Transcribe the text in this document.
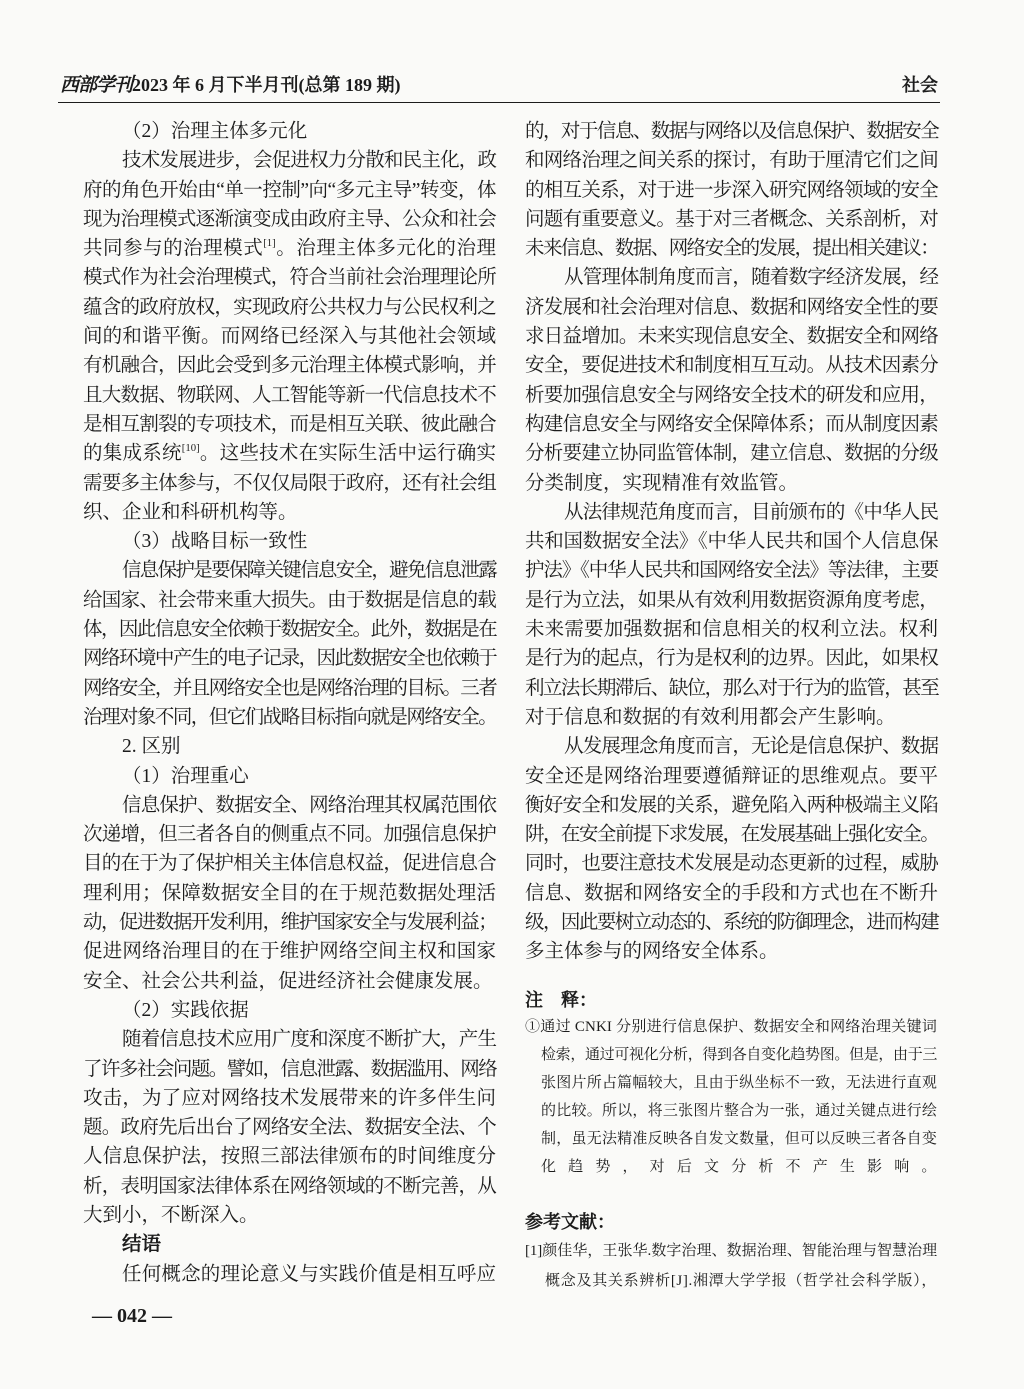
西部学刊2023 年 6 月下半月刊(总第 189 期)	社会
（2）治理主体多元化
技术发展进步，会促进权力分散和民主化，政
府的角色开始由“单一控制”向“多元主导”转变，体
现为治理模式逐渐演变成由政府主导、公众和社会
共同参与的治理模式[1]。治理主体多元化的治理
模式作为社会治理模式，符合当前社会治理理论所
蕴含的政府放权，实现政府公共权力与公民权利之
间的和谐平衡。而网络已经深入与其他社会领域
有机融合，因此会受到多元治理主体模式影响，并
且大数据、物联网、人工智能等新一代信息技术不
是相互割裂的专项技术，而是相互关联、彼此融合
的集成系统[10]。这些技术在实际生活中运行确实
需要多主体参与，不仅仅局限于政府，还有社会组
织、企业和科研机构等。
（3）战略目标一致性
信息保护是要保障关键信息安全，避免信息泄露
给国家、社会带来重大损失。由于数据是信息的载
体，因此信息安全依赖于数据安全。此外，数据是在
网络环境中产生的电子记录，因此数据安全也依赖于
网络安全，并且网络安全也是网络治理的目标。三者
治理对象不同，但它们战略目标指向就是网络安全。
2. 区别
（1）治理重心
信息保护、数据安全、网络治理其权属范围依
次递增，但三者各自的侧重点不同。加强信息保护
目的在于为了保护相关主体信息权益，促进信息合
理利用；保障数据安全目的在于规范数据处理活
动，促进数据开发利用，维护国家安全与发展利益；
促进网络治理目的在于维护网络空间主权和国家
安全、社会公共利益，促进经济社会健康发展。
（2）实践依据
随着信息技术应用广度和深度不断扩大，产生
了许多社会问题。譬如，信息泄露、数据滥用、网络
攻击，为了应对网络技术发展带来的许多伴生问
题。政府先后出台了网络安全法、数据安全法、个
人信息保护法，按照三部法律颁布的时间维度分
析，表明国家法律体系在网络领域的不断完善，从
大到小，不断深入。
结语
任何概念的理论意义与实践价值是相互呼应
的，对于信息、数据与网络以及信息保护、数据安全
和网络治理之间关系的探讨，有助于厘清它们之间
的相互关系，对于进一步深入研究网络领域的安全
问题有重要意义。基于对三者概念、关系剖析，对
未来信息、数据、网络安全的发展，提出相关建议：
从管理体制角度而言，随着数字经济发展，经
济发展和社会治理对信息、数据和网络安全性的要
求日益增加。未来实现信息安全、数据安全和网络
安全，要促进技术和制度相互互动。从技术因素分
析要加强信息安全与网络安全技术的研发和应用，
构建信息安全与网络安全保障体系；而从制度因素
分析要建立协同监管体制，建立信息、数据的分级
分类制度，实现精准有效监管。
从法律规范角度而言，目前颁布的《中华人民
共和国数据安全法》《中华人民共和国个人信息保
护法》《中华人民共和国网络安全法》等法律，主要
是行为立法，如果从有效利用数据资源角度考虑，
未来需要加强数据和信息相关的权利立法。权利
是行为的起点，行为是权利的边界。因此，如果权
利立法长期滞后、缺位，那么对于行为的监管，甚至
对于信息和数据的有效利用都会产生影响。
从发展理念角度而言，无论是信息保护、数据
安全还是网络治理要遵循辩证的思维观点。要平
衡好安全和发展的关系，避免陷入两种极端主义陷
阱，在安全前提下求发展，在发展基础上强化安全。
同时，也要注意技术发展是动态更新的过程，威胁
信息、数据和网络安全的手段和方式也在不断升
级，因此要树立动态的、系统的防御理念，进而构建
多主体参与的网络安全体系。
注　释：
①通过 CNKI 分别进行信息保护、数据安全和网络治理关键词
检索，通过可视化分析，得到各自变化趋势图。但是，由于三
张图片所占篇幅较大，且由于纵坐标不一致，无法进行直观
的比较。所以，将三张图片整合为一张，通过关键点进行绘
制，虽无法精准反映各自发文数量，但可以反映三者各自变
化趋势，对后文分析不产生影响。
参考文献：
[1]颜佳华，王张华.数字治理、数据治理、智能治理与智慧治理
概念及其关系辨析[J].湘潭大学学报（哲学社会科学版），
— 042 —
